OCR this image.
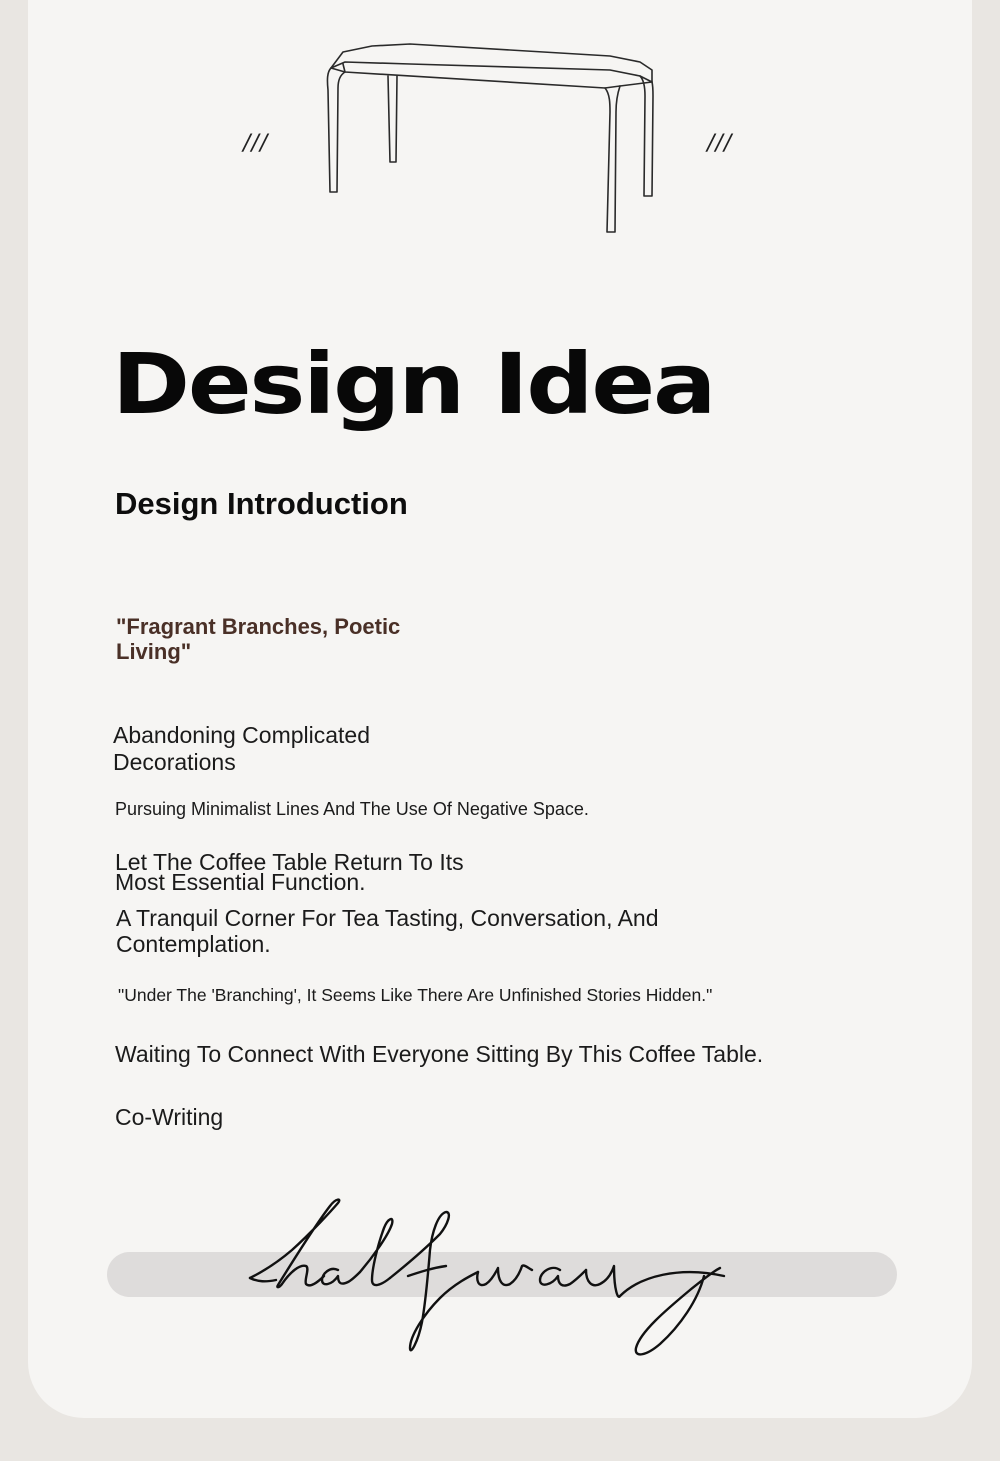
///	///
Design Idea
Design Introduction
"Fragrant Branches, Poetic Living"
Abandoning Complicated Decorations
Pursuing Minimalist Lines And The Use Of Negative Space.
Let The Coffee Table Return To Its Most Essential Function.
A Tranquil Corner For Tea Tasting, Conversation, And Contemplation.
"Under The 'Branching', It Seems Like There Are Unfinished Stories Hidden."
Waiting To Connect With Everyone Sitting By This Coffee Table.
Co-Writing
